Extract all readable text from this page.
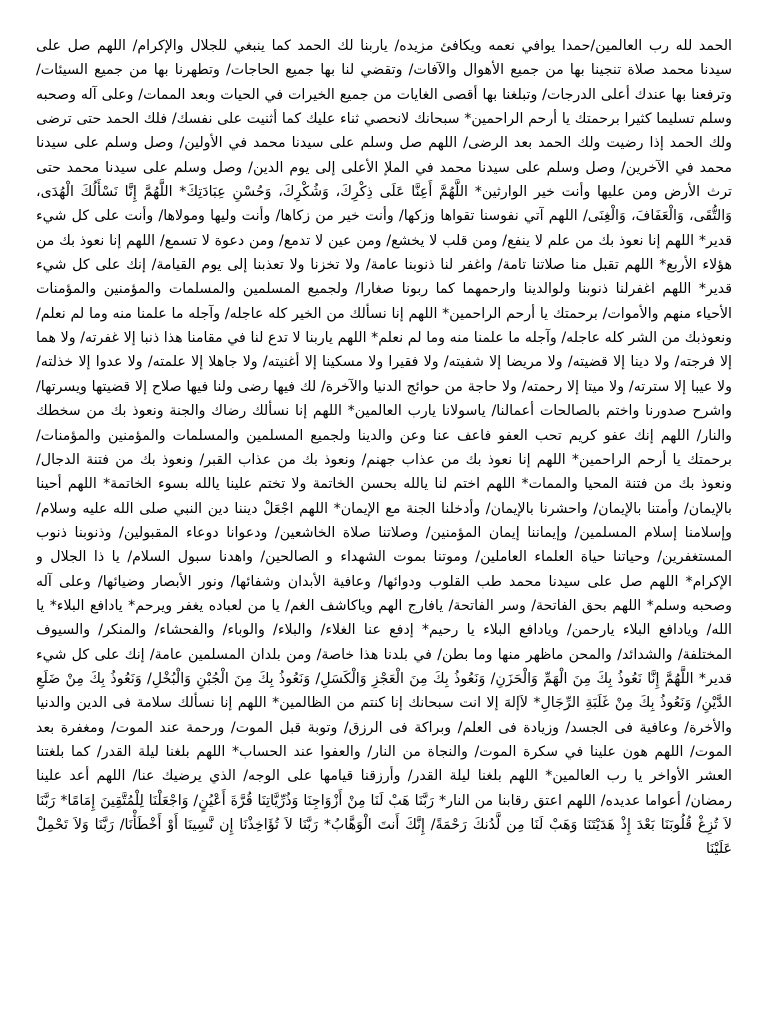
الحمد لله رب العالمين/حمدا يوافي نعمه ويكافئ مزيده/ ياربنا لك الحمد كما ينبغي للجلال والإكرام/ اللهم صل على سيدنا محمد صلاة تنجينا بها من جميع الأهوال والآفات/ وتقضي لنا بها جميع الحاجات/ وتطهرنا بها من جميع السيئات/ وترفعنا بها عندك أعلى الدرجات/ وتبلغنا بها أقصى الغايات من جميع الخيرات في الحيات وبعد الممات/ وعلى آله وصحبه وسلم تسليما كثيرا برحمتك يا أرحم الراحمين* سبحانك لانحصي ثناء عليك كما أثنيت على نفسك/ فلك الحمد حتى ترضى ولك الحمد إذا رضيت ولك الحمد بعد الرضى/ اللهم صل وسلم على سيدنا محمد في الأولين/ وصل وسلم على سيدنا محمد في الآخرين/ وصل وسلم على سيدنا محمد في الملإ الأعلى إلى يوم الدين/ وصل وسلم على سيدنا محمد حتى ترث الأرض ومن عليها وأنت خير الوارثين* اللَّهُمَّ أَعِنَّا عَلَى ذِكْرِكَ، وَشُكْرِكَ، وَحُسْنِ عِبَادَتِكَ* اللَّهُمَّ إِنَّا نَسْأَلُكَ الْهُدَى، وَالتُّقَى، وَالْعَفَافَ، وَالْغِنَى/ اللهم آتي نفوسنا تقواها وزكها/ وأنت خير من زكاها/ وأنت وليها ومولاها/ وأنت على كل شيء قدير* اللهم إنا نعوذ بك من علم لا ينفع/ ومن قلب لا يخشع/ ومن عين لا تدمع/ ومن دعوة لا تسمع/ اللهم إنا نعوذ بك من هؤلاء الأربع* اللهم تقبل منا صلاتنا تامة/ واغفر لنا ذنوبنا عامة/ ولا تخزنا ولا تعذبنا إلى يوم القيامة/ إنك على كل شيء قدير* اللهم اغفرلنا ذنوبنا ولوالدينا وارحمهما كما ربونا صغارا/ ولجميع المسلمين والمسلمات والمؤمنين والمؤمنات الأحياء منهم والأموات/ برحمتك يا أرحم الراحمين* اللهم إنا نسألك من الخير كله عاجله/ وآجله ما علمنا منه وما لم نعلم/ ونعوذبك من الشر كله عاجله/ وآجله ما علمنا منه وما لم نعلم* اللهم ياربنا لا تدع لنا في مقامنا هذا ذنبا إلا غفرته/ ولا هما إلا فرجته/ ولا دينا إلا قضيته/ ولا مريضا إلا شفيته/ ولا فقيرا ولا مسكينا إلا أغنيته/ ولا جاهلا إلا علمته/ ولا عدوا إلا خذلته/ ولا عيبا إلا سترته/ ولا ميتا إلا رحمته/ ولا حاجة من حوائج الدنيا والآخرة/ لك فيها رضى ولنا فيها صلاح إلا قضيتها ويسرتها/ واشرح صدورنا واختم بالصالحات أعمالنا/ ياسولانا يارب العالمين* اللهم إنا نسألك رضاك والجنة ونعوذ بك من سخطك والنار/ اللهم إنك عفو كريم تحب العفو فاعف عنا وعن والدينا ولجميع المسلمين والمسلمات والمؤمنين والمؤمنات/ برحمتك يا أرحم الراحمين* اللهم إنا نعوذ بك من عذاب جهنم/ ونعوذ بك من عذاب القبر/ ونعوذ بك من فتنة الدجال/ ونعوذ بك من فتنة المحيا والممات* اللهم اختم لنا يالله بحسن الخاتمة ولا تختم علينا يالله بسوء الخاتمة* اللهم أحينا بالإيمان/ وأمتنا بالإيمان/ واحشرنا بالإيمان/ وأدخلنا الجنة مع الإيمان* اللهم اجْعَلْ ديننا دين النبي صلى الله عليه وسلام/ وإسلامنا إسلام المسلمين/ وإيماننا إيمان المؤمنين/ وصلاتنا صلاة الخاشعين/ ودعوانا دوعاء المقبولين/ وذنوبنا ذنوب المستغفرين/ وحياتنا حياة العلماء العاملين/ وموتنا بموت الشهداء و الصالحين/ واهدنا سبول السلام/ يا ذا الجلال و الإكرام* اللهم صل على سيدنا محمد طب القلوب ودوائها/ وعافية الأبدان وشفائها/ ونور الأبصار وضيائها/ وعلى آله وصحبه وسلم* اللهم بحق الفاتحة/ وسر الفاتحة/ يافارج الهم وياكاشف الغم/ يا من لعباده يغفر ويرحم* يادافع البلاء* يا الله/ ويادافع البلاء يارحمن/ ويادافع البلاء يا رحيم* إدفع عنا الغلاء/ والبلاء/ والوباء/ والفحشاء/ والمنكر/ والسيوف المختلفة/ والشدائد/ والمحن ماظهر منها وما بطن/ في بلدنا هذا خاصة/ ومن بلدان المسلمين عامة/ إنك على كل شيء قدير* اللَّهُمَّ إِنَّا نَعُوذُ بِكَ مِنَ الْهَمِّ وَالْحَزَنِ/ وَنَعُوذُ بِكَ مِنَ الْعَجْزِ وَالْكَسَلِ/ وَنَعُوذُ بِكَ مِنَ الْجُبْنِ وَالْبُخْلِ/ وَنَعُوذُ بِكَ مِنْ ضَلَعِ الدَّيْنِ/ وَنَعُوذُ بِكَ مِنْ غَلَبَةِ الرِّجَالِ* لاَإلهَ إلا انت سبحانك إنا كنتم من الظالمين* اللهم إنا نسألك سلامة فى الدين والدنيا والأخرة/ وعافية فى الجسد/ وزيادة فى العلم/ وبراكة فى الرزق/ وتوبة قبل الموت/ ورحمة عند الموت/ ومغفرة بعد الموت/ اللهم هون علينا في سكرة الموت/ والنجاة من النار/ والعفوا عند الحساب* اللهم بلغنا ليلة القدر/ كما بلغتنا العشر الأواخر يا رب العالمين* اللهم بلغنا ليلة القدر/ وأرزقنا قيامها على الوجه/ الذي يرضيك عنا/ اللهم أعد علينا رمضان/ أعواما عديده/ اللهم اعتق رقابنا من النار* رَبَّنَا هَبْ لَنَا مِنْ أَزْوَاجِنَا وَذُرِّيَّاتِنَا قُرَّةَ أَعْيُنٍ/ وَاجْعَلْنَا لِلْمُتَّقِينَ إِمَامًا* رَبَّنَا لاَ تُزِغْ قُلُوبَنَا بَعْدَ إِذْ هَدَيْتَنَا وَهَبْ لَنَا مِن لَّدُنكَ رَحْمَةً/ إِنَّكَ أَنتَ الْوَهَّابُ* رَبَّنَا لاَ تُؤَاخِذْنَا إِن نَّسِينَا أَوْ أَخْطَأْنَا/ رَبَّنَا وَلاَ تَحْمِلْ عَلَيْنَا
